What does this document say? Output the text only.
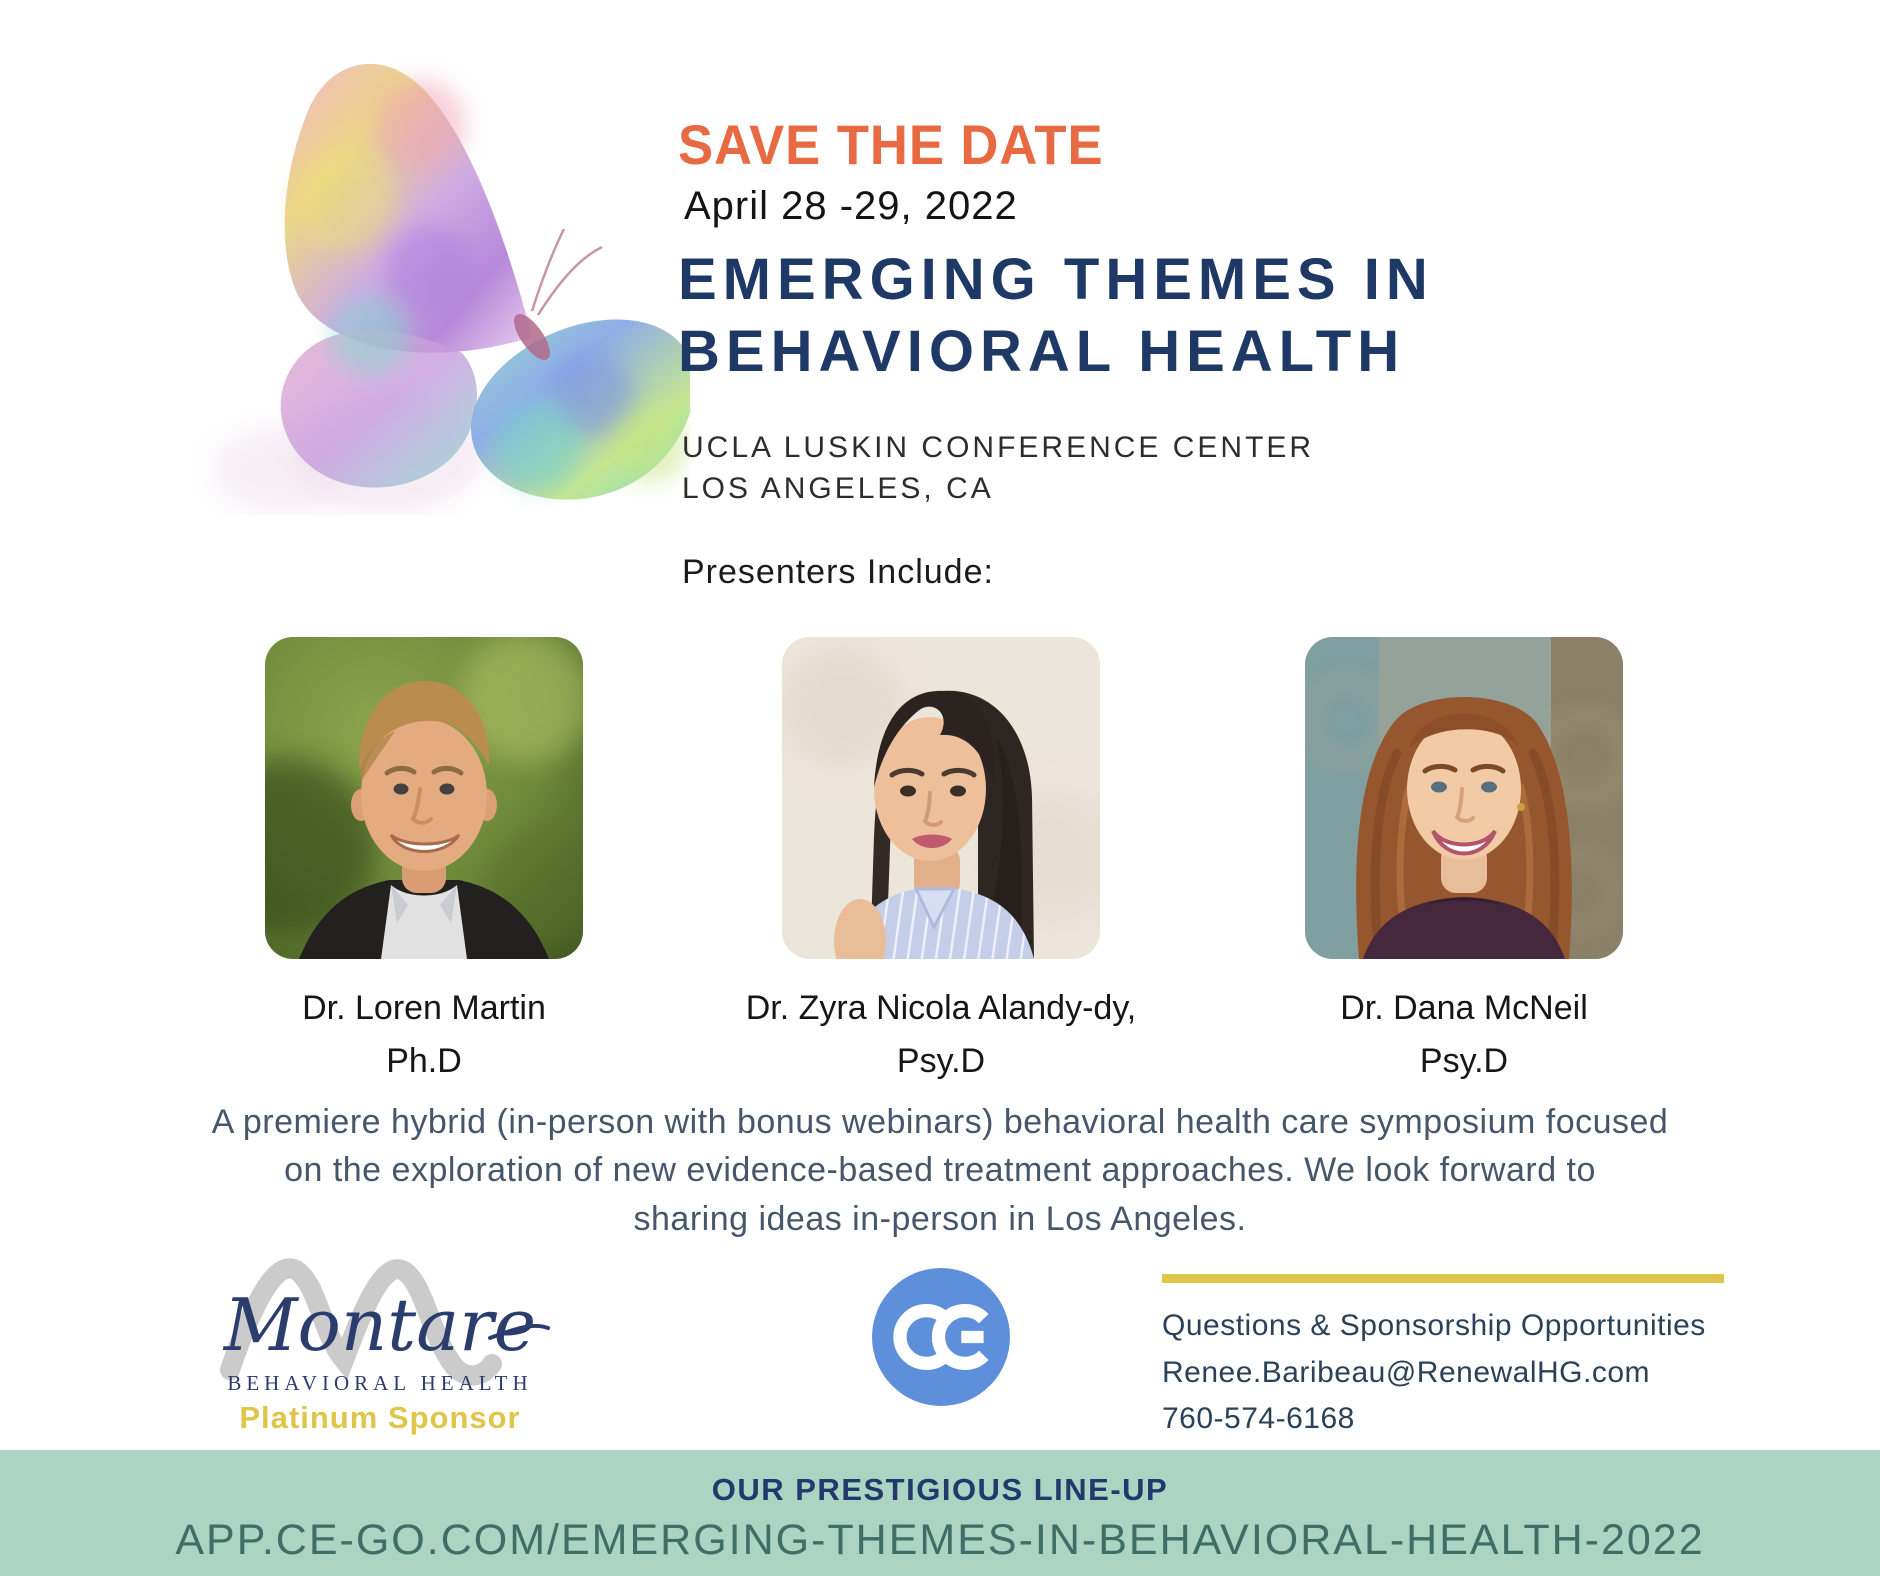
SAVE THE DATE
April 28 -29, 2022
EMERGING THEMES IN
BEHAVIORAL HEALTH
UCLA LUSKIN CONFERENCE CENTER
LOS ANGELES, CA
Presenters Include:
Dr. Loren Martin
Ph.D
Dr. Zyra Nicola Alandy-dy,
Psy.D
Dr. Dana McNeil
Psy.D
A premiere hybrid (in-person with bonus webinars) behavioral health care symposium focused
on the exploration of new evidence-based treatment approaches. We look forward to
sharing ideas in-person in Los Angeles.
Montare
BEHAVIORAL HEALTH
Platinum Sponsor
Questions & Sponsorship Opportunities
Renee.Baribeau@RenewalHG.com
760-574-6168
OUR PRESTIGIOUS LINE-UP
APP.CE-GO.COM/EMERGING-THEMES-IN-BEHAVIORAL-HEALTH-2022
